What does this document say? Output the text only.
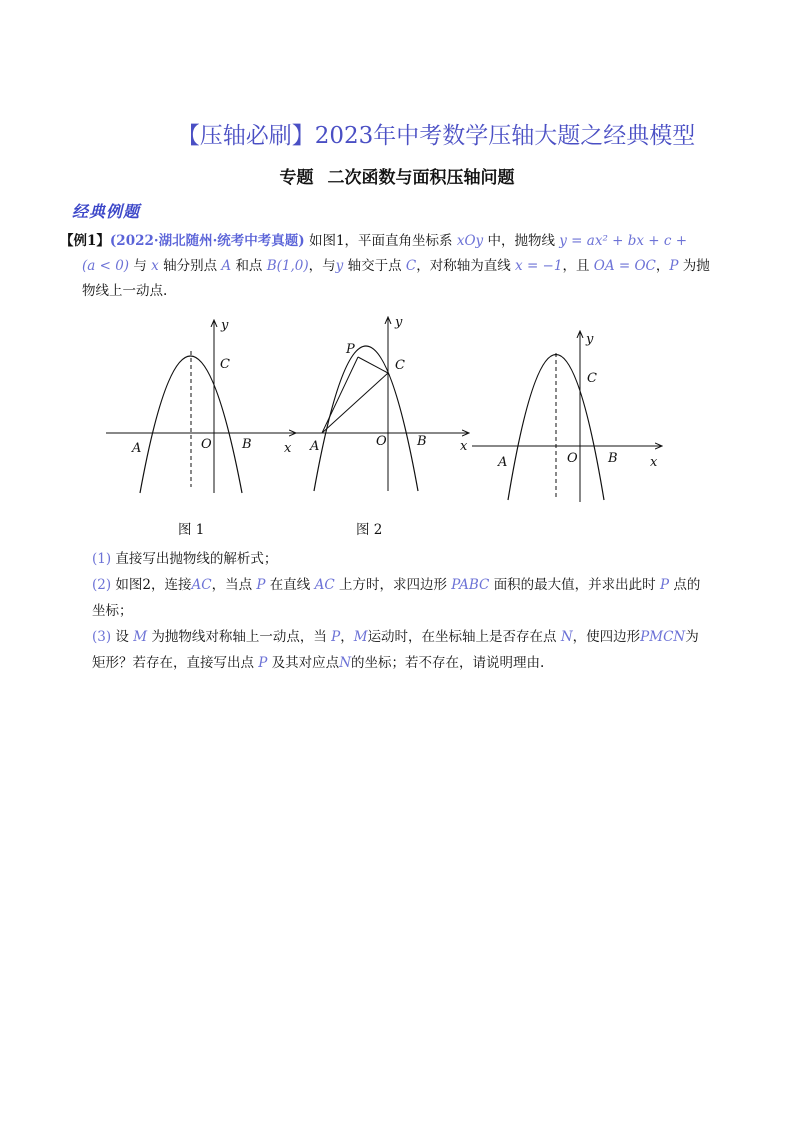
【压轴必刷】2023年中考数学压轴大题之经典模型
专题 二次函数与面积压轴问题
经典例题
【例1】(2022·湖北随州·统考中考真题) 如图1，平面直角坐标系 xOy 中，抛物线 y = ax² + bx + c +
(a < 0) 与 x 轴分别点 A 和点 B(1,0)，与y 轴交于点 C，对称轴为直线 x = −1，且 OA = OC，P 为抛
物线上一动点.
A	O B
C
x
y
A	O B
C
P
x
y
A	O B
C
x
y
图 1	图 2
(1) 直接写出抛物线的解析式；
(2) 如图2，连接AC，当点 P 在直线 AC 上方时，求四边形 PABC 面积的最大值，并求出此时 P 点的
坐标；
(3) 设 M 为抛物线对称轴上一动点，当 P，M运动时，在坐标轴上是否存在点 N，使四边形PMCN为
矩形？若存在，直接写出点 P 及其对应点N的坐标；若不存在，请说明理由.
